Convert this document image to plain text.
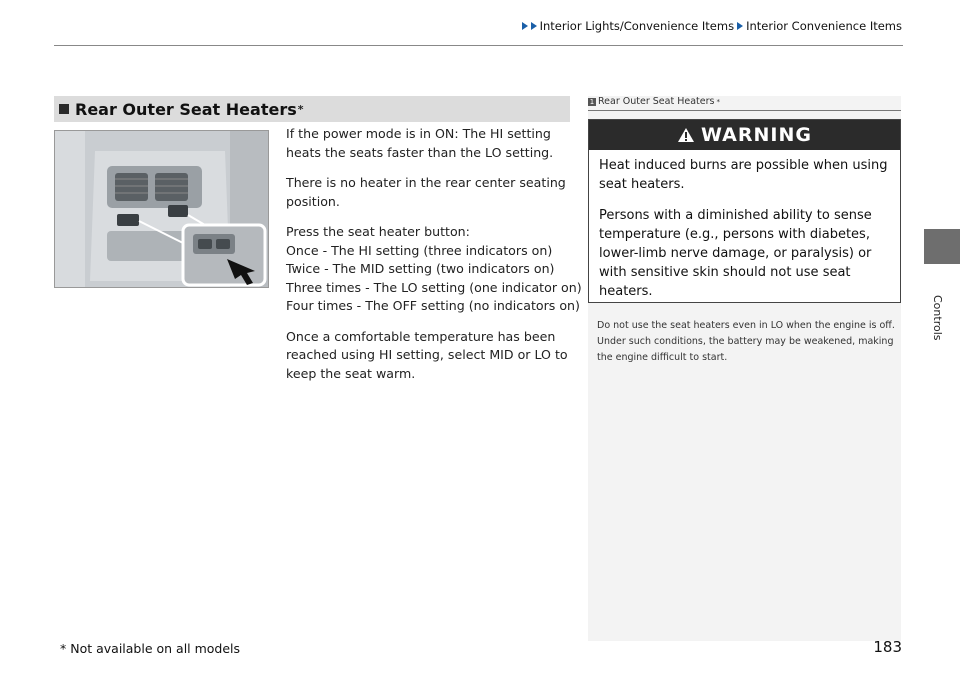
Interior Lights/Convenience Items Interior Convenience Items
Controls
Rear Outer Seat Heaters *

If the power mode is in ON: The HI setting heats the seats faster than the LO setting.

There is no heater in the rear center seating position.

Press the seat heater button:
Once - The HI setting (three indicators on)
Twice - The MID setting (two indicators on)
Three times - The LO setting (one indicator on)
Four times - The OFF setting (no indicators on)

Once a comfortable temperature has been reached using HI setting, select MID or LO to keep the seat warm.

1 Rear Outer Seat Heaters *
WARNING

Heat induced burns are possible when using seat heaters.

Persons with a diminished ability to sense temperature (e.g., persons with diabetes, lower-limb nerve damage, or paralysis) or with sensitive skin should not use seat heaters.

Do not use the seat heaters even in LO when the engine is off. Under such conditions, the battery may be weakened, making the engine difficult to start.
* Not available on all models	183
